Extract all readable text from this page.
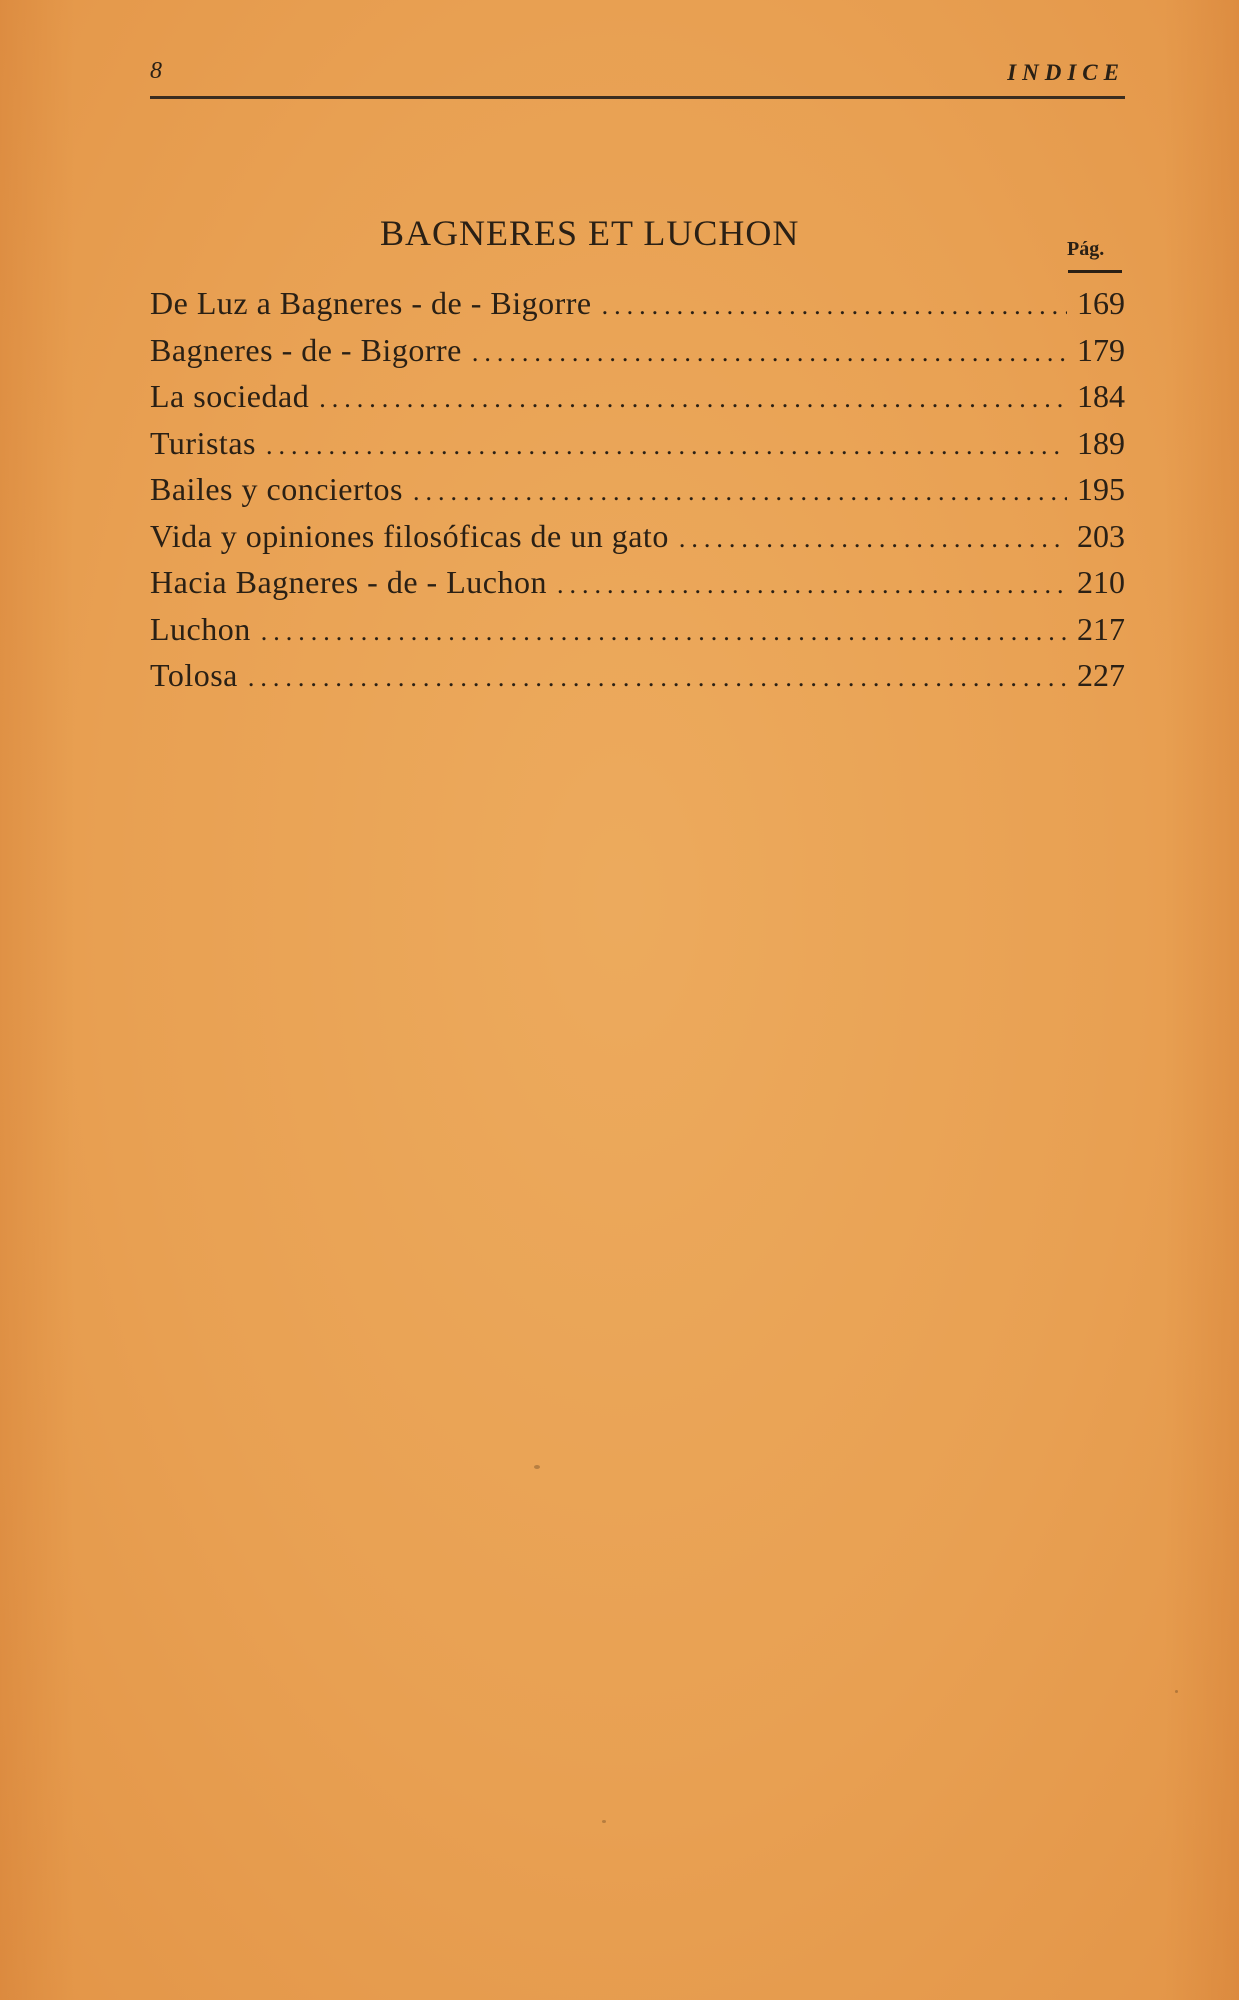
8	INDICE
BAGNERES ET LUCHON	Pág.
De Luz a Bagneres - de - Bigorre .....	169
Bagneres - de - Bigorre .....	179
La sociedad .....	184
Turistas .....	189
Bailes y conciertos .....	195
Vida y opiniones filosóficas de un gato .....	203
Hacia Bagneres - de - Luchon .....	210
Luchon .....	217
Tolosa .....	227
